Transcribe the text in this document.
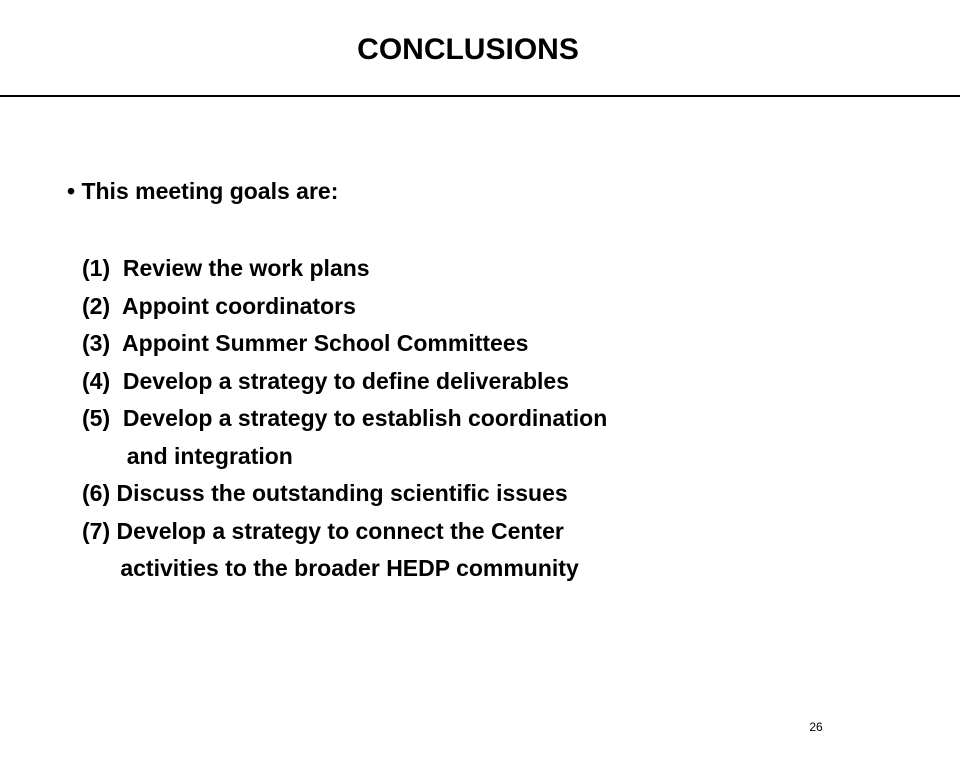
CONCLUSIONS
• This meeting goals are:
(1)  Review the work plans
(2)  Appoint coordinators
(3)  Appoint Summer School Committees
(4)  Develop a strategy to define deliverables
(5)  Develop a strategy to establish coordination
and integration
(6) Discuss the outstanding scientific issues
(7) Develop a strategy to connect the Center
activities to the broader HEDP community
26
